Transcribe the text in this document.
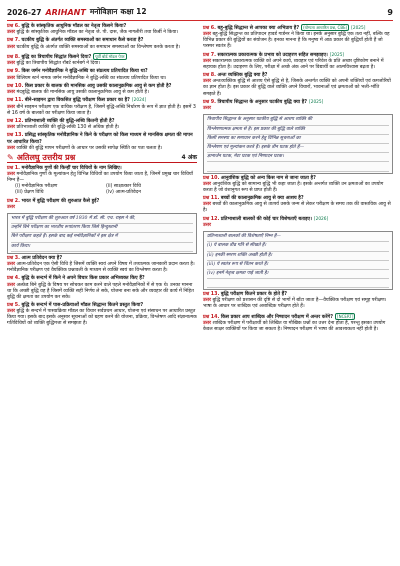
2026-27 ARIHANT मनोविज्ञान कक्षा 12	9
प्रश्न 6. बुद्धि के सांस्कृतिक आधुनिक मॉडल का नेतृत्व किसने किया?
उत्तर बुद्धि के सांस्कृतिक आधुनिक मॉडल का नेतृत्व जे. पी. दास, जैक नागलीरी तथा किर्बी ने किया।
प्रश्न 7. घटकीय बुद्धि के अंतर्गत व्यक्ति समस्याओं का समाधान कैसे करता है?
उत्तर घटकीय बुद्धि के अंतर्गत व्यक्ति समस्याओं का समाधान समस्याओं का विश्लेषण करके करता है।
प्रश्न 8. बुद्धि का त्रिचापीय सिद्धांत किसने दिया? पूर्वी बोर्ड मॉडल पेपर
उत्तर बुद्धि का त्रिचापीय सिद्धांत रॉबर्ट स्टर्नबर्ग ने दिया।
प्रश्न 9. किस जर्मन मनोवैज्ञानिक ने बुद्धि-लब्धि का संप्रत्यय प्रतिपादित किया था?
उत्तर विलियम स्टर्न नामक जर्मन मनोवैज्ञानिक ने बुद्धि-लब्धि का संप्रत्यय प्रतिपादित किया था।
प्रश्न 10. किस प्रकार के बालक की मानसिक आयु उसकी कालानुक्रमिक आयु से कम होती है?
उत्तर मंदबुद्धि बालक की मानसिक आयु उसकी कालानुक्रमिक आयु से कम होती है।
प्रश्न 11. बीने-साइमन द्वारा विकसित बुद्धि परीक्षण किस प्रकार का है? [2024]
उत्तर बीने साइमन परीक्षण एक वाचिक परीक्षण है, जिसमें बुद्धि-लब्धि निर्धारण के रूप में ज्ञात होती है। इसमें 3 से 16 वर्ष के बालकों का परीक्षण किया जाता है।
प्रश्न 12. प्रतिभाशाली व्यक्ति की बुद्धि-लब्धि कितनी होती है?
उत्तर प्रतिभाशाली व्यक्ति की बुद्धि-लब्धि 130 से अधिक होती है।
प्रश्न 13. प्रसिद्ध सांस्कृतिक मनोवैज्ञानिक ने किने के परीक्षण को किस माध्यम से मानसिक क्षमता की मापन पर आधारित किया?
उत्तर व्यक्ति की बुद्धि मापन परीक्षणों के आधार पर उसकी सापेक्ष स्थिति का पता चलता है।
✎ अतिलघु उत्तरीय प्रश्न	4 अंक
प्रश्न 1. मनोवैज्ञानिक गुणों की किन्हीं चार विधियों के नाम लिखिए।
उत्तर मनोवैज्ञानिक गुणों के मूल्यांकन हेतु विभिन्न विधियों का उपयोग किया जाता है, जिनमें प्रमुख चार विधियाँ निम्न हैं—
(i) मनोवैज्ञानिक परीक्षण	(ii) साक्षात्कार विधि
(iii) प्रेक्षण विधि	(iv) आत्म-प्रतिवेदन
प्रश्न 2. भारत में बुद्धि परीक्षण की शुरुआत कैसे हुई?
उत्तर
भारत में बुद्धि परीक्षण की शुरुआत वर्ष 1930 में डॉ. सी. एच. राइस ने की,
उन्होंने बिने परीक्षण का भारतीय रूपांतरण किया जिसे हिन्दुस्तानी
बिने परीक्षण कहते हैं। इसके बाद कई मनोवैज्ञानिकों ने इस क्षेत्र में
कार्य किया।
प्रश्न 3. आत्म प्रतिवेदन क्या है?
उत्तर आत्म-प्रतिवेदन एक ऐसी विधि है जिसमें व्यक्ति स्वयं अपने विषय में तथ्यात्मक जानकारी प्रदान करता है। मनोवैज्ञानिक परीक्षण एवं वैयक्तिक प्रश्नावली के माध्यम से व्यक्ति स्वयं का विश्लेषण करता है।
प्रश्न 4. बुद्धि के सन्दर्भ में किने ने अपने विचार किस प्रकार अभिव्यक्त किए हैं?
उत्तर अल्फ्रेड बिने बुद्धि के विषय पर सोचकर काम करने वाले पहले मनोवैज्ञानिकों में से एक थे। उनका मानना था कि अच्छी बुद्धि वह है जिसमें व्यक्ति सही निर्णय ले सके, योजना बना सके और व्यवहार की कार्य में निहित बुद्धि की क्षमता का उपयोग कर सके।
प्रश्न 5. बुद्धि के सन्दर्भ में पास-प्रक्रियाओं मॉडल सिद्धान्त कितने प्रस्तुत किया?
उत्तर बुद्धि के सन्दर्भ में पासप्रक्रिया मॉडल का विचार सर्वप्रथम आधार, योजना एवं संसाधन पर आधारित प्रस्तुत किया गया। इसके बाद इसके अनुसार सूचनाओं को ग्रहण करने की योजना, प्रक्रिया, विश्लेषण आदि संज्ञानात्मक गतिविधियों को व्यक्ति बुद्धिमत्ता से समझता है।
प्रश्न 6. बहु-बुद्धि सिद्धान्त से आपका क्या अभिप्राय है? (योग्यता आधारित प्रश्न, CBE) [2025]
उत्तर बहु-बुद्धि सिद्धान्त का प्रतिपादन हावर्ड गार्डनर ने किया था। इनके अनुसार बुद्धि एक तत्व नहीं, बल्कि यह विभिन्न प्रकार की बुद्धियों का संयोजन है। इनका मानना है कि मनुष्य में आठ प्रकार की बुद्धियाँ होती हैं जो परस्पर स्वतंत्र हैं।
प्रश्न 7. सकारात्मक प्रकारात्मक के प्रभाव को उदाहरण सहित समझाइए। [2025]
उत्तर सकारात्मक प्रकारात्मक व्यक्ति को अपने कार्य, व्यवहार एवं परिवेश के प्रति अच्छा दृष्टिकोण बनाने में सहायक होता है। उदाहरण के लिए, परीक्षा में अच्छे अंक आने पर विद्यार्थी का आत्मविश्वास बढ़ता है।
प्रश्न 8. अन्तः व्यक्तिक बुद्धि क्या है?
उत्तर अन्तःव्यक्तिक बुद्धि से आशय ऐसे बुद्धि से है, जिसके अन्तर्गत व्यक्ति को अपनी शक्तियों एवं कमजोरियों का ज्ञान होता है। इस प्रकार की बुद्धि वाले व्यक्ति अपने विचारों, भावनाओं एवं क्षमताओं को भली-भाँति समझते हैं।
प्रश्न 9. त्रिचापीय सिद्धान्त के अनुसार घटकीय बुद्धि क्या है? [2025]
उत्तर
त्रिचापीय सिद्धान्त के अनुसार घटकीय बुद्धि से आशय व्यक्ति की
विश्लेषणात्मक क्षमता से है। इस प्रकार की बुद्धि वाले व्यक्ति
किसी समस्या का समाधान करने हेतु विभिन्न सूचनाओं का
विश्लेषण एवं मूल्यांकन करते हैं। इसके तीन घटक होते हैं—
ज्ञानार्जन घटक, मेटा घटक एवं निष्पादन घटक।
प्रश्न 10. आनुवंशिक बुद्धि को अन्य किस नाम से जाना जाता है?
उत्तर आनुवंशिक बुद्धि को सामान्य बुद्धि भी कहा जाता है। इसके अन्तर्गत व्यक्ति उन क्षमताओं का उपयोग करता है जो वंशानुगत रूप से प्राप्त होती हैं।
प्रश्न 11. बच्चों की कालानुक्रमिक आयु से क्या आशय है?
उत्तर बच्चों की कालानुक्रमिक आयु से तात्पर्य उसके जन्म से लेकर परीक्षण के समय तक की वास्तविक आयु से है।
प्रश्न 12. प्रतिभाशाली बालकों की कोई चार विशेषताएँ बताइए। [2026]
उत्तर
प्रतिभाशाली बालकों की विशेषताएँ निम्न हैं—
(i) ये बालक तीव्र गति से सीखते हैं।
(ii) इनकी स्मरण शक्ति अच्छी होती है।
(iii) ये स्वतंत्र रूप से चिंतन करते हैं।
(iv) इनमें नेतृत्व क्षमता पाई जाती है।
प्रश्न 13. बुद्धि परीक्षण कितने प्रकार के होते हैं?
उत्तर बुद्धि परीक्षण को प्रशासन की दृष्टि से दो भागों में बाँटा जाता है—वैयक्तिक परीक्षण एवं समूह परीक्षण। भाषा के आधार पर शाब्दिक एवं अशाब्दिक परीक्षण होते हैं।
प्रश्न 14. किस प्रकार आप शाब्दिक और निष्पादन परीक्षण में अन्तर करेंगे? [NCERT]
उत्तर शाब्दिक परीक्षण में परीक्षार्थी को लिखित या मौखिक प्रश्नों का उत्तर देना होता है, परन्तु इसका उपयोग केवल साक्षर व्यक्तियों पर किया जा सकता है। निष्पादन परीक्षण में भाषा की आवश्यकता नहीं होती है।
